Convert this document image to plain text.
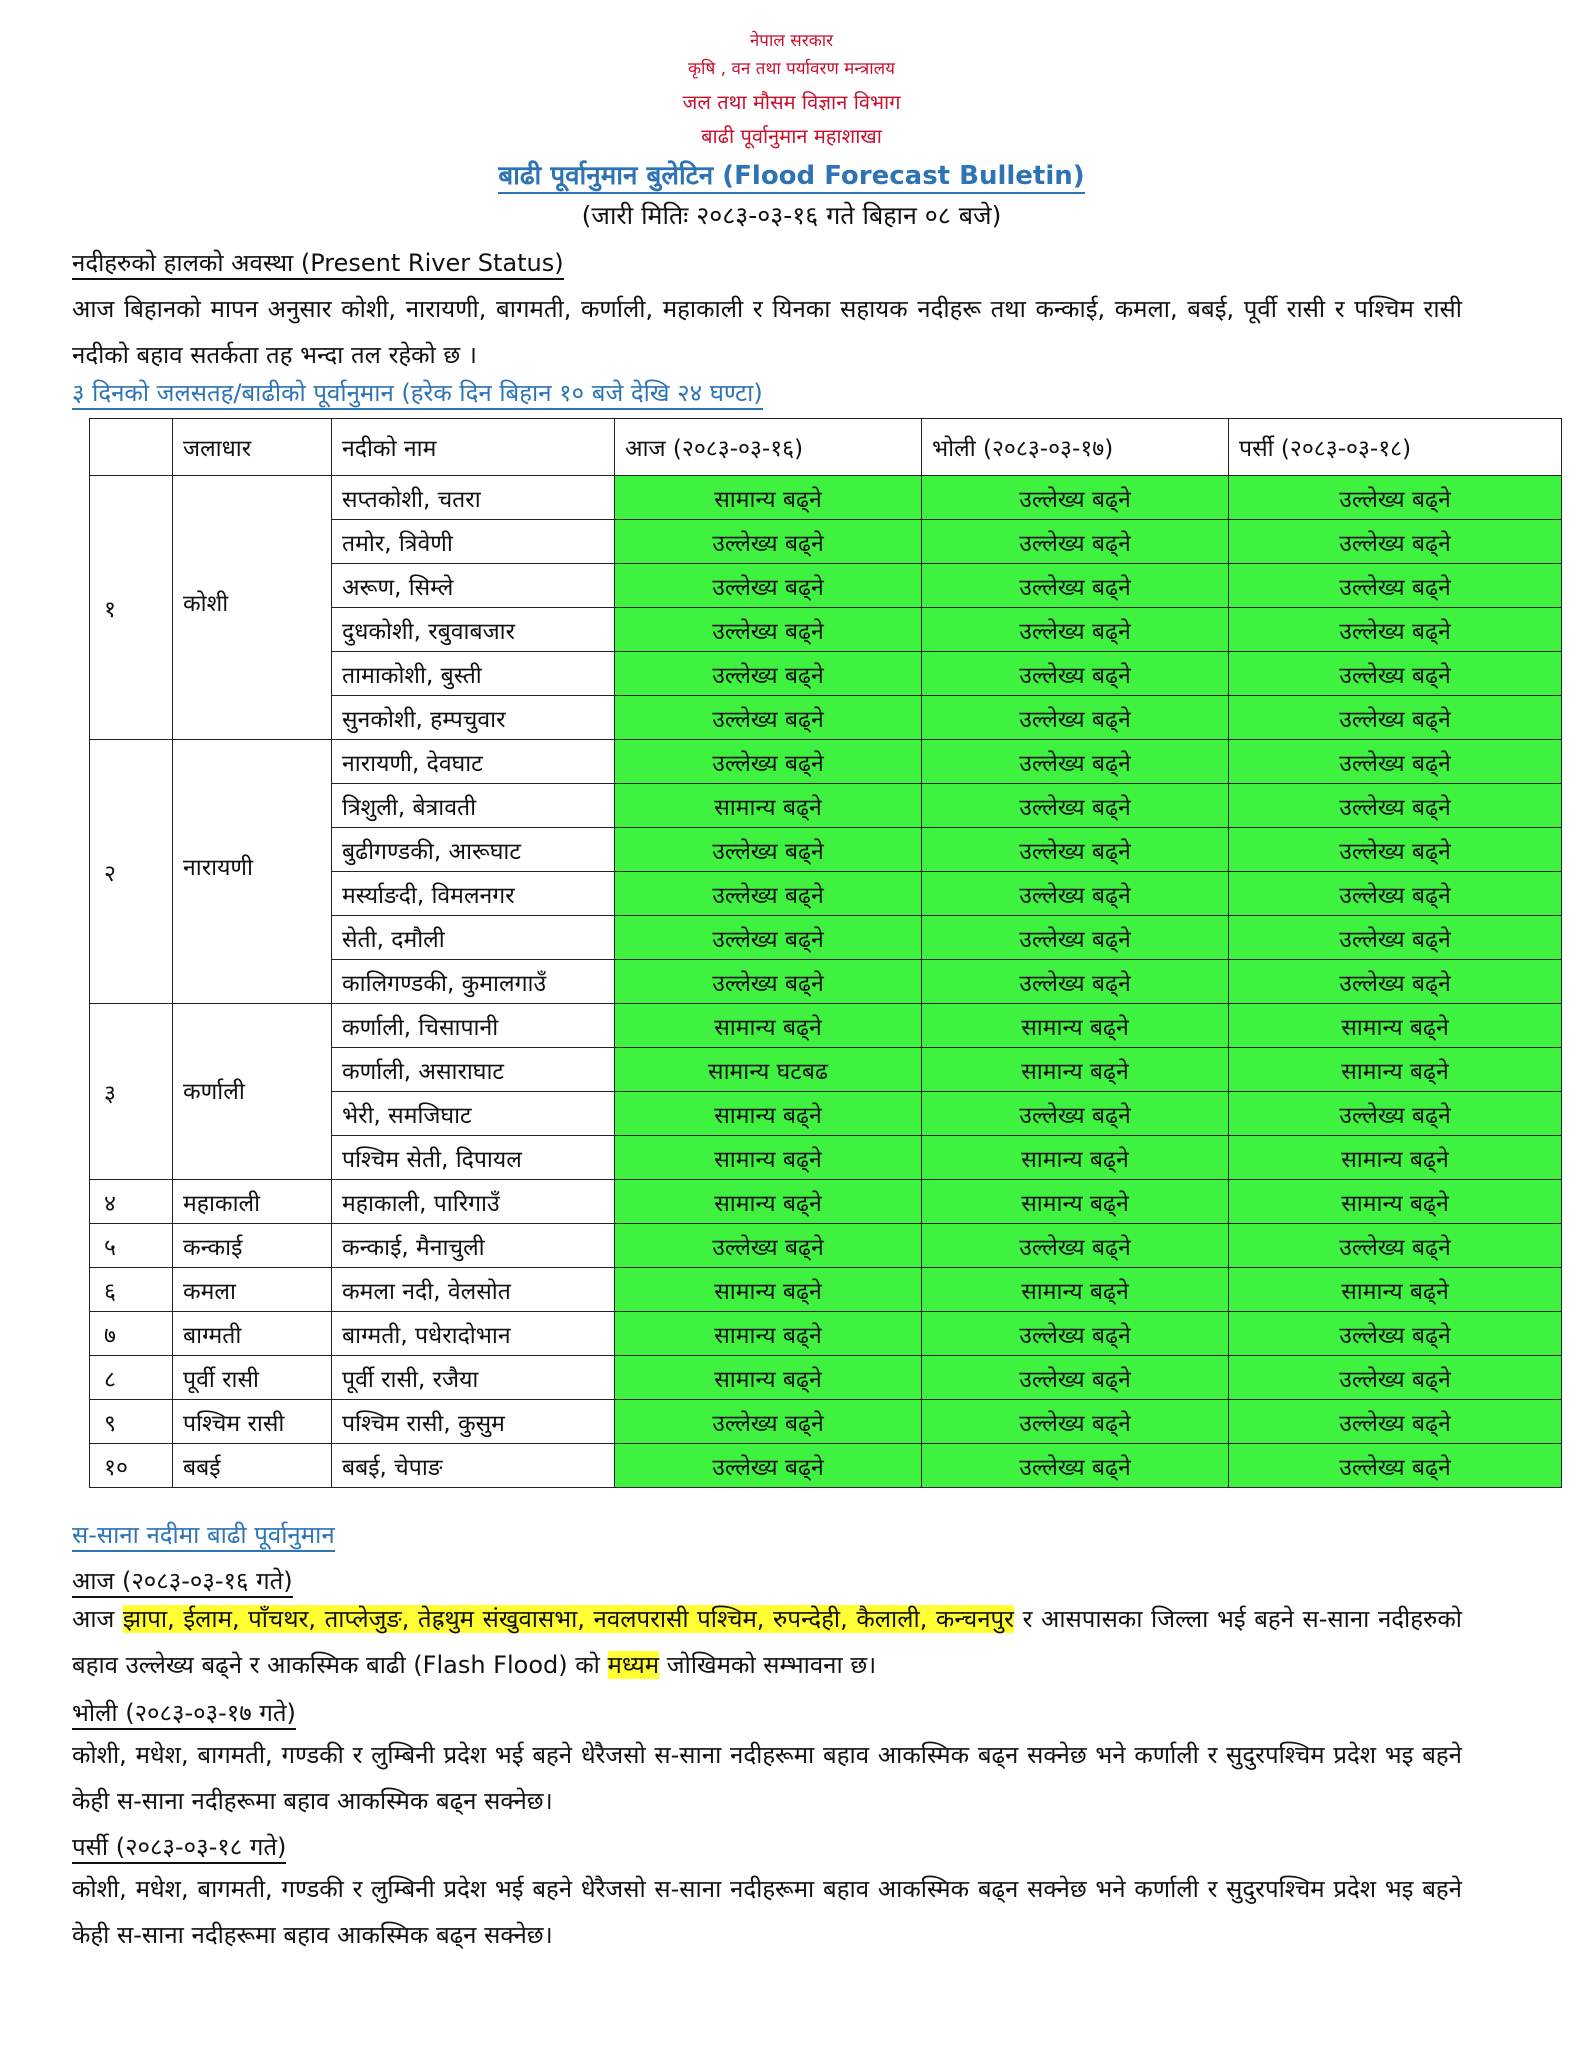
नेपाल सरकार
कृषि , वन तथा पर्यावरण मन्त्रालय
जल तथा मौसम विज्ञान विभाग
बाढी पूर्वानुमान महाशाखा
बाढी पूर्वानुमान बुलेटिन (Flood Forecast Bulletin)
(जारी मितिः २०८३-०३-१६ गते बिहान ०८ बजे)
नदीहरुको हालको अवस्था (Present River Status)
आज बिहानको मापन अनुसार कोशी, नारायणी, बागमती, कर्णाली, महाकाली र यिनका सहायक नदीहरू तथा कन्काई, कमला, बबई, पूर्वी रासी र पश्चिम रासी नदीको बहाव सतर्कता तह भन्दा तल रहेको छ ।
३ दिनको जलसतह/बाढीको पूर्वानुमान (हरेक दिन बिहान १० बजे देखि २४ घण्टा)
	जलाधार	नदीको नाम	आज (२०८३-०३-१६)	भोली (२०८३-०३-१७)	पर्सी (२०८३-०३-१८)
१	कोशी	सप्तकोशी, चतरा	सामान्य बढ्ने	उल्लेख्य बढ्ने	उल्लेख्य बढ्ने
		तमोर, त्रिवेणी	उल्लेख्य बढ्ने	उल्लेख्य बढ्ने	उल्लेख्य बढ्ने
		अरूण, सिम्ले	उल्लेख्य बढ्ने	उल्लेख्य बढ्ने	उल्लेख्य बढ्ने
		दुधकोशी, रबुवाबजार	उल्लेख्य बढ्ने	उल्लेख्य बढ्ने	उल्लेख्य बढ्ने
		तामाकोशी, बुस्ती	उल्लेख्य बढ्ने	उल्लेख्य बढ्ने	उल्लेख्य बढ्ने
		सुनकोशी, हम्पचुवार	उल्लेख्य बढ्ने	उल्लेख्य बढ्ने	उल्लेख्य बढ्ने
२	नारायणी	नारायणी, देवघाट	उल्लेख्य बढ्ने	उल्लेख्य बढ्ने	उल्लेख्य बढ्ने
		त्रिशुली, बेत्रावती	सामान्य बढ्ने	उल्लेख्य बढ्ने	उल्लेख्य बढ्ने
		बुढीगण्डकी, आरूघाट	उल्लेख्य बढ्ने	उल्लेख्य बढ्ने	उल्लेख्य बढ्ने
		मर्स्याङदी, विमलनगर	उल्लेख्य बढ्ने	उल्लेख्य बढ्ने	उल्लेख्य बढ्ने
		सेती, दमौली	उल्लेख्य बढ्ने	उल्लेख्य बढ्ने	उल्लेख्य बढ्ने
		कालिगण्डकी, कुमालगाउँ	उल्लेख्य बढ्ने	उल्लेख्य बढ्ने	उल्लेख्य बढ्ने
३	कर्णाली	कर्णाली, चिसापानी	सामान्य बढ्ने	सामान्य बढ्ने	सामान्य बढ्ने
		कर्णाली, असाराघाट	सामान्य घटबढ	सामान्य बढ्ने	सामान्य बढ्ने
		भेरी, समजिघाट	सामान्य बढ्ने	उल्लेख्य बढ्ने	उल्लेख्य बढ्ने
		पश्चिम सेती, दिपायल	सामान्य बढ्ने	सामान्य बढ्ने	सामान्य बढ्ने
४	महाकाली	महाकाली, पारिगाउँ	सामान्य बढ्ने	सामान्य बढ्ने	सामान्य बढ्ने
५	कन्काई	कन्काई, मैनाचुली	उल्लेख्य बढ्ने	उल्लेख्य बढ्ने	उल्लेख्य बढ्ने
६	कमला	कमला नदी, वेलसोत	सामान्य बढ्ने	सामान्य बढ्ने	सामान्य बढ्ने
७	बाग्मती	बाग्मती, पधेरादोभान	सामान्य बढ्ने	उल्लेख्य बढ्ने	उल्लेख्य बढ्ने
८	पूर्वी रासी	पूर्वी रासी, रजैया	सामान्य बढ्ने	उल्लेख्य बढ्ने	उल्लेख्य बढ्ने
९	पश्चिम रासी	पश्चिम रासी, कुसुम	उल्लेख्य बढ्ने	उल्लेख्य बढ्ने	उल्लेख्य बढ्ने
१०	बबई	बबई, चेपाङ	उल्लेख्य बढ्ने	उल्लेख्य बढ्ने	उल्लेख्य बढ्ने
स-साना नदीमा बाढी पूर्वानुमान
आज (२०८३-०३-१६ गते)
आज झापा, ईलाम, पाँचथर, ताप्लेजुङ, तेह्रथुम संखुवासभा, नवलपरासी पश्चिम, रुपन्देही, कैलाली, कन्चनपुर र आसपासका जिल्ला भई बहने स-साना नदीहरुको बहाव उल्लेख्य बढ्ने र आकस्मिक बाढी (Flash Flood) को मध्यम जोखिमको सम्भावना छ।
भोली (२०८३-०३-१७ गते)
कोशी, मधेश, बागमती, गण्डकी र लुम्बिनी प्रदेश भई बहने धेरैजसो स-साना नदीहरूमा बहाव आकस्मिक बढ्न सक्नेछ भने कर्णाली र सुदुरपश्चिम प्रदेश भइ बहने केही स-साना नदीहरूमा बहाव आकस्मिक बढ्न सक्नेछ।
पर्सी (२०८३-०३-१८ गते)
कोशी, मधेश, बागमती, गण्डकी र लुम्बिनी प्रदेश भई बहने धेरैजसो स-साना नदीहरूमा बहाव आकस्मिक बढ्न सक्नेछ भने कर्णाली र सुदुरपश्चिम प्रदेश भइ बहने केही स-साना नदीहरूमा बहाव आकस्मिक बढ्न सक्नेछ।
